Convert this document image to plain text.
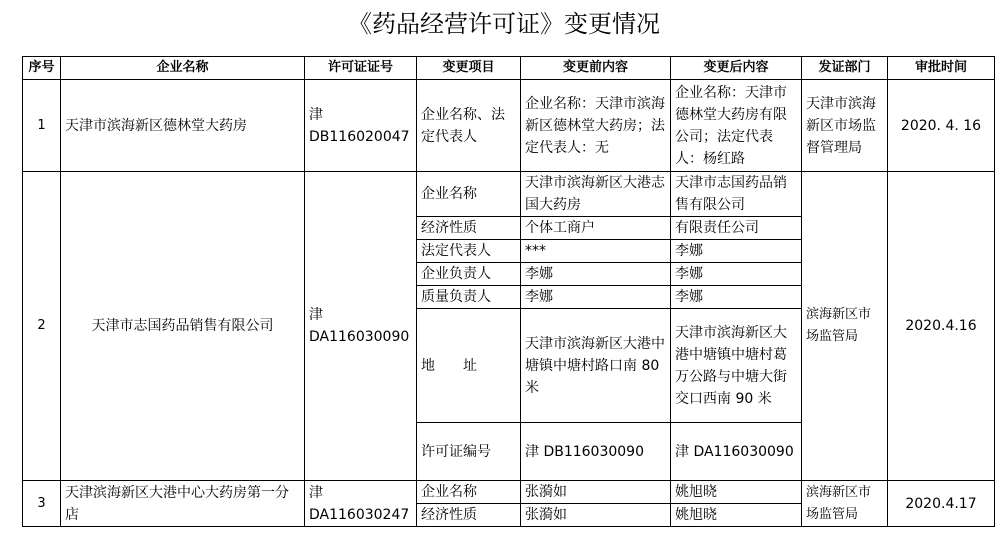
《药品经营许可证》变更情况
序号	企业名称	许可证证号	变更项目	变更前内容	变更后内容	发证部门	审批时间
1	天津市滨海新区德林堂大药房	津 DB116020047	企业名称、法定代表人	企业名称：天津市滨海新区德林堂大药房；法定代表人：无	企业名称：天津市德林堂大药房有限公司；法定代表人：杨红路	天津市滨海新区市场监督管理局	2020. 4. 16
2	天津市志国药品销售有限公司	津 DA116030090	企业名称	天津市滨海新区大港志国大药房	天津市志国药品销售有限公司	滨海新区市场监管局	2020.4.16
			经济性质	个体工商户	有限责任公司		
			法定代表人	***	李娜		
			企业负责人	李娜	李娜		
			质量负责人	李娜	李娜		
			地　　址	天津市滨海新区大港中塘镇中塘村路口南 80 米	天津市滨海新区大港中塘镇中塘村葛万公路与中塘大街交口西南 90 米		
			许可证编号	津 DB116030090	津 DA116030090		
3	天津滨海新区大港中心大药房第一分店	津 DA116030247	企业名称	张漪如	姚旭晓	滨海新区市场监管局	2020.4.17
			经济性质	张漪如	姚旭晓		
